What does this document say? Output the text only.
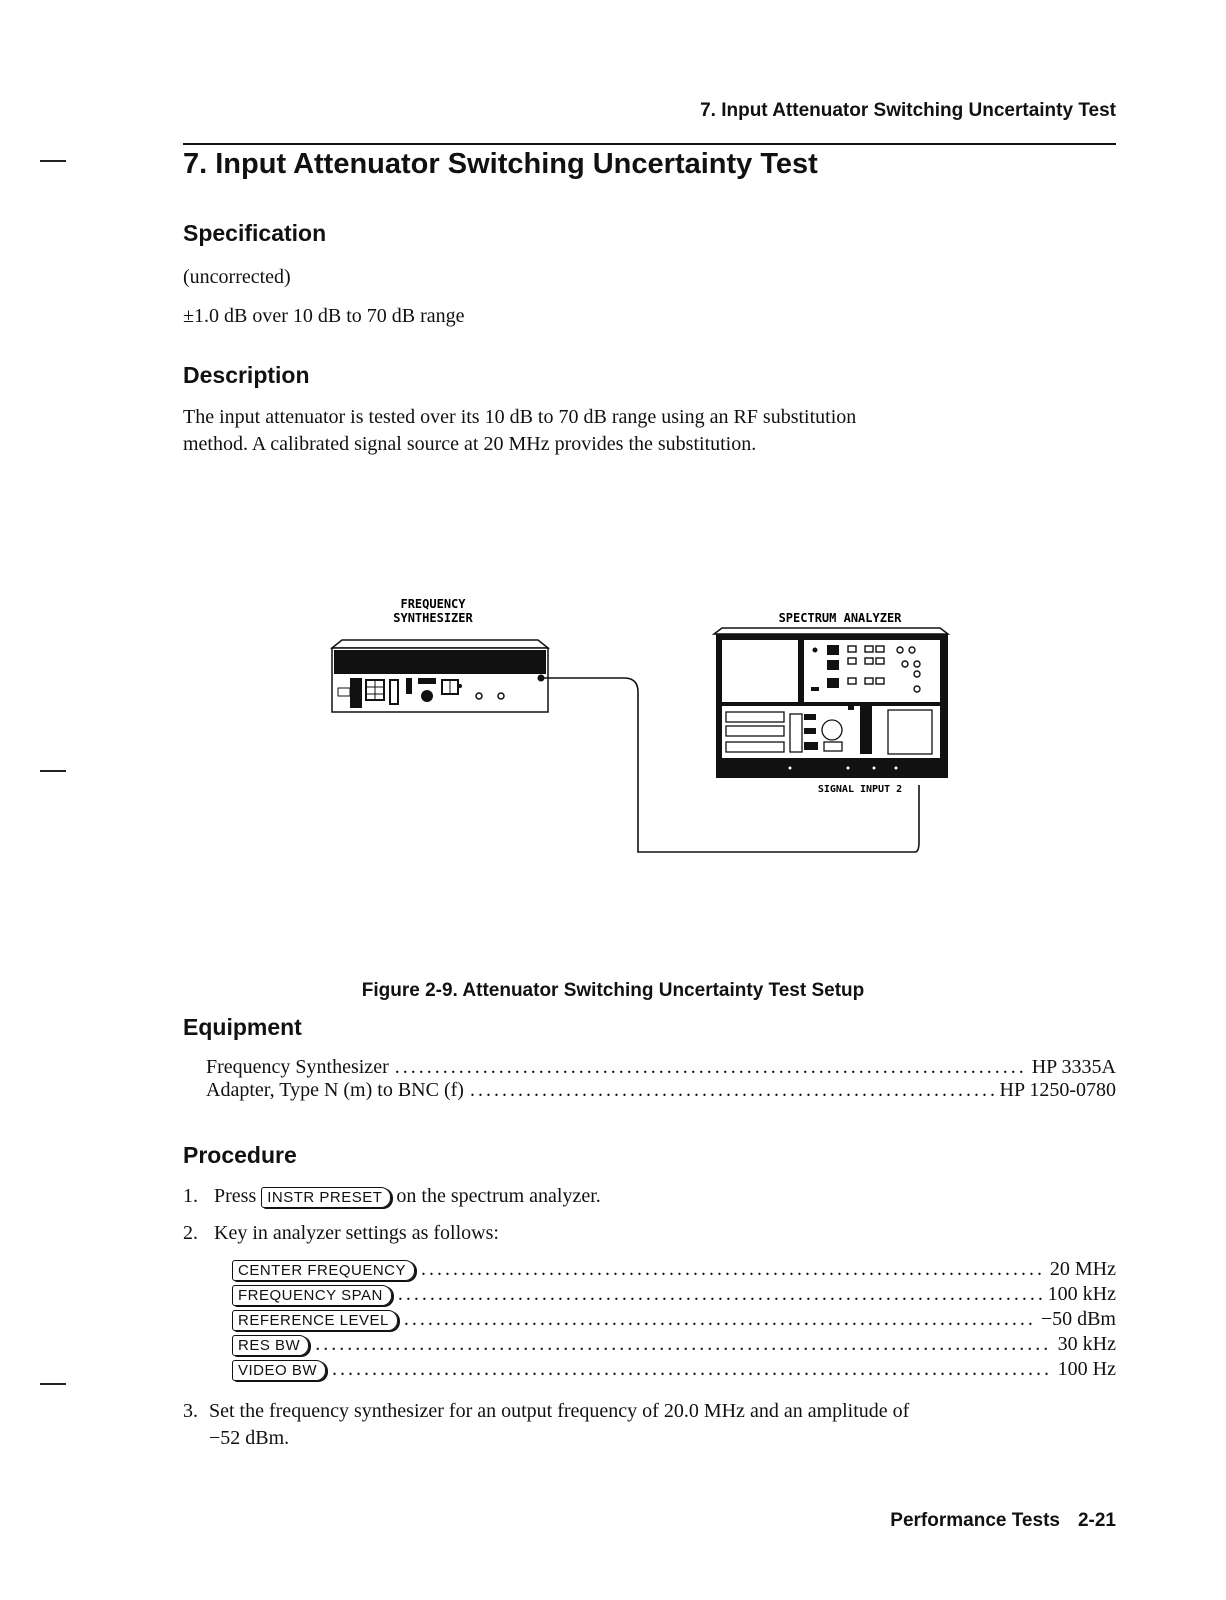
7. Input Attenuator Switching Uncertainty Test
7. Input Attenuator Switching Uncertainty Test
Specification
(uncorrected)
±1.0 dB over 10 dB to 70 dB range
Description
The input attenuator is tested over its 10 dB to 70 dB range using an RF substitution
method. A calibrated signal source at 20 MHz provides the substitution.
FREQUENCY
SYNTHESIZER	SPECTRUM ANALYZER
SIGNAL INPUT 2
Figure 2-9. Attenuator Switching Uncertainty Test Setup
Equipment
Frequency Synthesizer .....	HP 3335A
Adapter, Type N (m) to BNC (f) .....	HP 1250-0780
Procedure
1. Press INSTR PRESET on the spectrum analyzer.
2. Key in analyzer settings as follows:
CENTER FREQUENCY .....	20 MHz
FREQUENCY SPAN .....	100 kHz
REFERENCE LEVEL .....	−50 dBm
RES BW .....	30 kHz
VIDEO BW .....	100 Hz
3. Set the frequency synthesizer for an output frequency of 20.0 MHz and an amplitude of
−52 dBm.
Performance Tests 2-21
